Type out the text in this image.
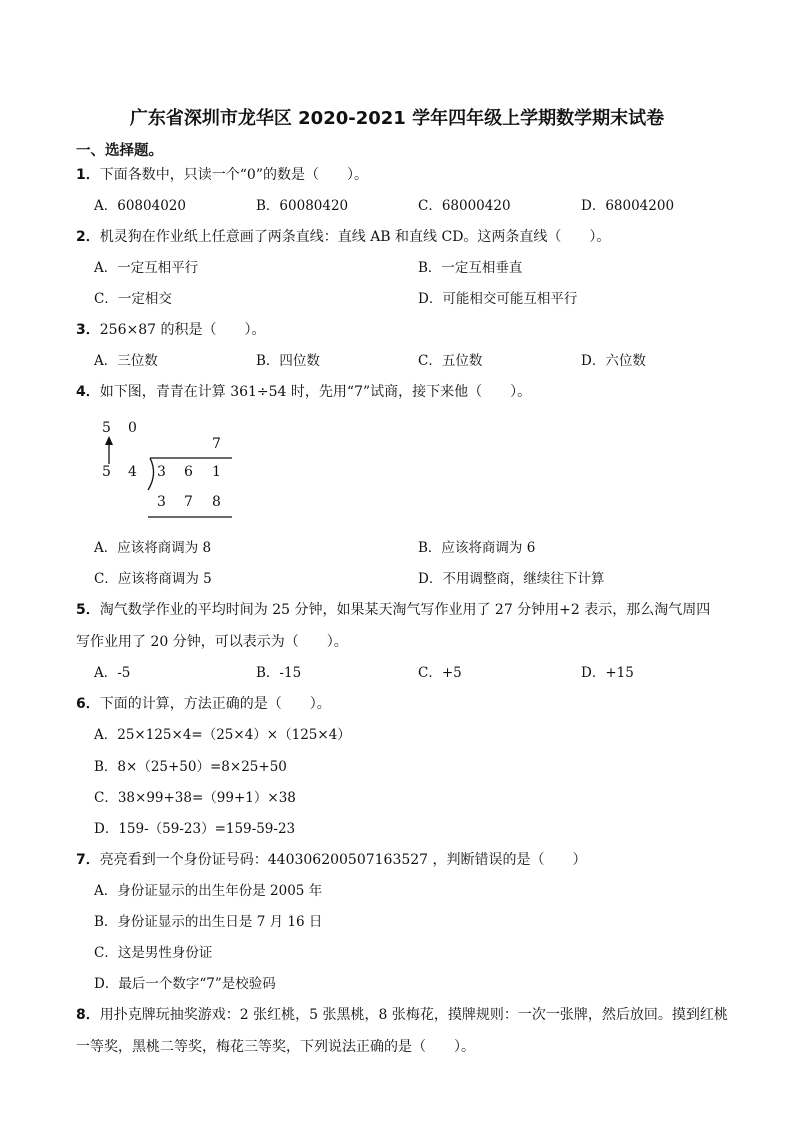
广东省深圳市龙华区 2020-2021 学年四年级上学期数学期末试卷
一、选择题。
1．下面各数中，只读一个“0”的数是（　　）。
A．60804020	B．60080420	C．68000420	D．68004200
2．机灵狗在作业纸上任意画了两条直线：直线 AB 和直线 CD。这两条直线（　　）。
A．一定互相平行	B．一定互相垂直
C．一定相交	D．可能相交可能互相平行
3．256×87 的积是（　　）。
A．三位数	B．四位数	C．五位数	D．六位数
4．如下图，青青在计算 361÷54 时，先用“7”试商，接下来他（　　）。
5 0
7
5 4 3 6 1
3 7 8
A．应该将商调为 8	B．应该将商调为 6
C．应该将商调为 5	D．不用调整商，继续往下计算
5．淘气数学作业的平均时间为 25 分钟，如果某天淘气写作业用了 27 分钟用+2 表示，那么淘气周四
写作业用了 20 分钟，可以表示为（　　）。
A．-5	B．-15	C．+5	D．+15
6．下面的计算，方法正确的是（　　）。
A．25×125×4=（25×4）×（125×4）
B．8×（25+50）=8×25+50
C．38×99+38=（99+1）×38
D．159-（59-23）=159-59-23
7．亮亮看到一个身份证号码：440306200507163527 ，判断错误的是（　　）
A．身份证显示的出生年份是 2005 年
B．身份证显示的出生日是 7 月 16 日
C．这是男性身份证
D．最后一个数字“7”是校验码
8．用扑克牌玩抽奖游戏：2 张红桃，5 张黑桃，8 张梅花，摸牌规则：一次一张牌，然后放回。摸到红桃
一等奖，黑桃二等奖，梅花三等奖，下列说法正确的是（　　）。
